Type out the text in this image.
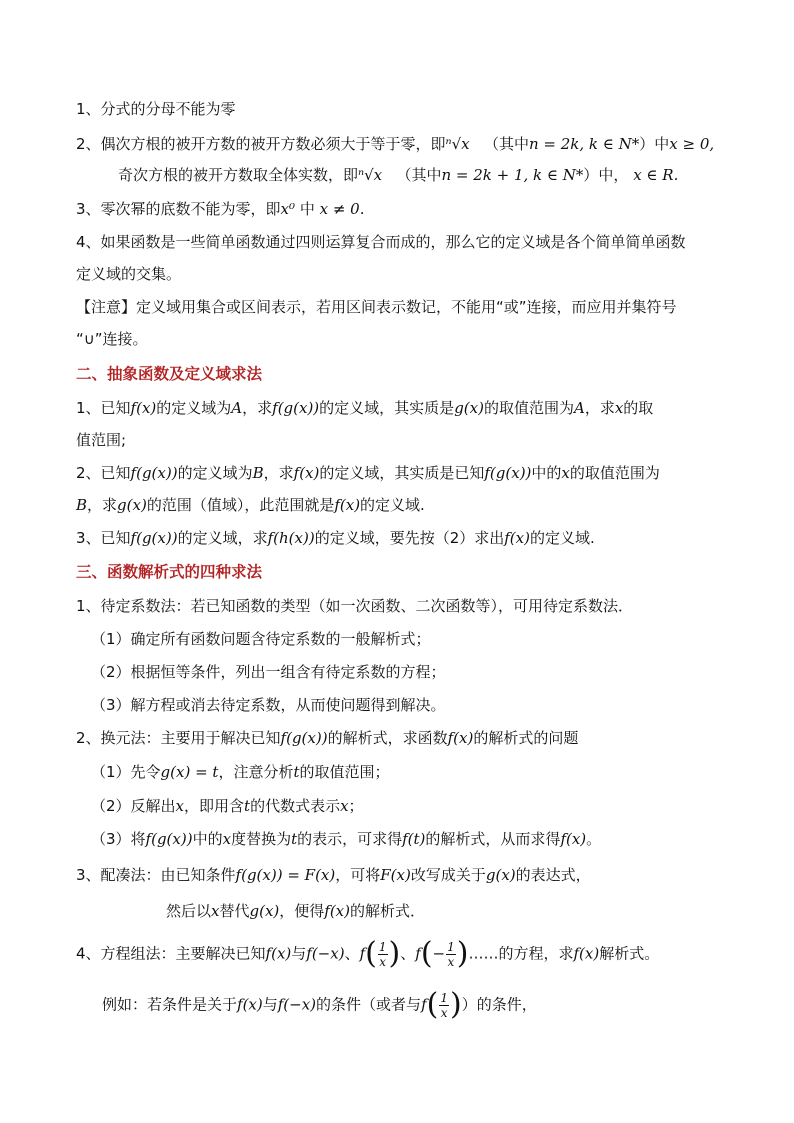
1、分式的分母不能为零
2、偶次方根的被开方数的被开方数必须大于等于零，即ⁿ√x （其中n = 2k, k ∈ N*）中x ≥ 0,
奇次方根的被开方数取全体实数，即ⁿ√x （其中n = 2k + 1, k ∈ N*）中， x ∈ R.
3、零次幂的底数不能为零，即x⁰ 中 x ≠ 0.
4、如果函数是一些简单函数通过四则运算复合而成的，那么它的定义域是各个简单简单函数
定义域的交集。
【注意】定义域用集合或区间表示，若用区间表示数记，不能用“或”连接，而应用并集符号
“∪”连接。
二、抽象函数及定义域求法
1、已知f(x)的定义域为A，求f(g(x))的定义域，其实质是g(x)的取值范围为A，求x的取
值范围;
2、已知f(g(x))的定义域为B，求f(x)的定义域，其实质是已知f(g(x))中的x的取值范围为
B，求g(x)的范围（值域），此范围就是f(x)的定义域.
3、已知f(g(x))的定义域，求f(h(x))的定义域，要先按（2）求出f(x)的定义域.
三、函数解析式的四种求法
1、待定系数法：若已知函数的类型（如一次函数、二次函数等），可用待定系数法．
（1）确定所有函数问题含待定系数的一般解析式；
（2）根据恒等条件，列出一组含有待定系数的方程；
（3）解方程或消去待定系数，从而使问题得到解决。
2、换元法：主要用于解决已知f(g(x))的解析式，求函数f(x)的解析式的问题
（1）先令g(x) = t，注意分析t的取值范围；
（2）反解出x，即用含t的代数式表示x；
（3）将f(g(x))中的x度替换为t的表示，可求得f(t)的解析式，从而求得f(x)。
3、配凑法：由已知条件f(g(x)) = F(x)，可将F(x)改写成关于g(x)的表达式，
然后以x替代g(x)，便得f(x)的解析式．
4、方程组法：主要解决已知f(x)与f(−x)、$f( \frac{1}{x}$ )、$f(- \frac{1}{x}$ )……的方程，求f(x)解析式。
例如：若条件是关于f(x)与f(−x)的条件（或者与$f( \frac{1}{x}$ )）的条件，
